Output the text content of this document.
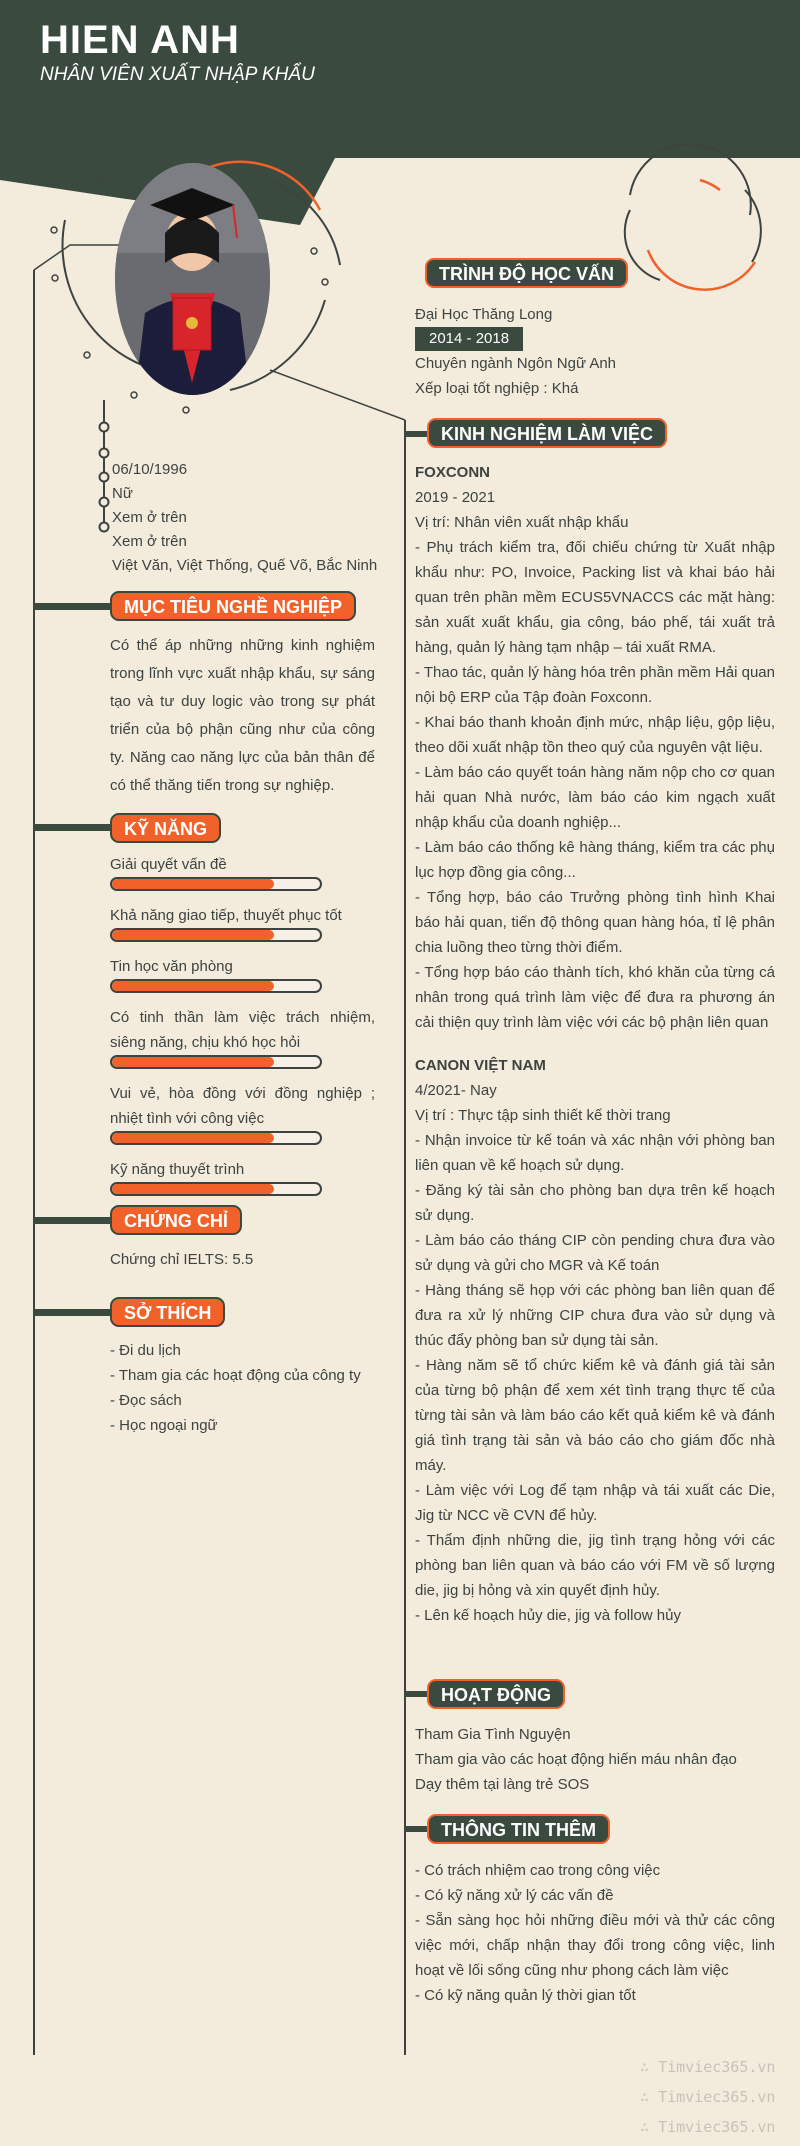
HIEN ANH
NHÂN VIÊN XUẤT NHẬP KHẨU
06/10/1996
Nữ
Xem ở trên
Xem ở trên
Việt Văn, Việt Thống, Quế Võ, Bắc Ninh
MỤC TIÊU NGHỀ NGHIỆP
Có thể áp những những kinh nghiệm trong lĩnh vực xuất nhập khẩu, sự sáng tạo và tư duy logic vào trong sự phát triển của bộ phận cũng như của công ty. Năng cao năng lực của bản thân để có thể thăng tiến trong sự nghiệp.
KỸ NĂNG
Giải quyết vấn đề
Khả năng giao tiếp, thuyết phục tốt
Tin học văn phòng
Có tinh thần làm việc trách nhiệm, siêng năng, chịu khó học hỏi
Vui vẻ, hòa đồng với đồng nghiệp ; nhiệt tình với công việc
Kỹ năng thuyết trình
CHỨNG CHỈ
Chứng chỉ IELTS: 5.5
SỞ THÍCH
- Đi du lịch
- Tham gia các hoạt động của công ty
- Đọc sách
- Học ngoại ngữ
TRÌNH ĐỘ HỌC VẤN
Đại Học Thăng Long
2014 - 2018
Chuyên ngành Ngôn Ngữ Anh
Xếp loại tốt nghiệp : Khá
KINH NGHIỆM LÀM VIỆC
FOXCONN
2019 - 2021
Vị trí: Nhân viên xuất nhập khẩu
- Phụ trách kiểm tra, đối chiếu chứng từ Xuất nhập khẩu như: PO, Invoice, Packing list và khai báo hải quan trên phần mềm ECUS5VNACCS các mặt hàng: sản xuất xuất khẩu, gia công, báo phế, tái xuất trả hàng, quản lý hàng tạm nhập – tái xuất RMA.
- Thao tác, quản lý hàng hóa trên phần mềm Hải quan nội bộ ERP của Tập đoàn Foxconn.
- Khai báo thanh khoản định mức, nhập liệu, gộp liệu, theo dõi xuất nhập tồn theo quý của nguyên vật liệu.
- Làm báo cáo quyết toán hàng năm nộp cho cơ quan hải quan Nhà nước, làm báo cáo kim ngạch xuất nhập khẩu của doanh nghiệp...
- Làm báo cáo thống kê hàng tháng, kiểm tra các phụ lục hợp đồng gia công...
- Tổng hợp, báo cáo Trưởng phòng tình hình Khai báo hải quan, tiến độ thông quan hàng hóa, tỉ lệ phân chia luồng theo từng thời điểm.
- Tổng hợp báo cáo thành tích, khó khăn của từng cá nhân trong quá trình làm việc để đưa ra phương án cải thiện quy trình làm việc với các bộ phận liên quan
CANON VIỆT NAM
4/2021- Nay
Vị trí : Thực tập sinh thiết kế thời trang
- Nhận invoice từ kế toán và xác nhận với phòng ban liên quan về kế hoạch sử dụng.
- Đăng ký tài sản cho phòng ban dựa trên kế hoạch sử dụng.
- Làm báo cáo tháng CIP còn pending chưa đưa vào sử dụng và gửi cho MGR và Kế toán
- Hàng tháng sẽ họp với các phòng ban liên quan để đưa ra xử lý những CIP chưa đưa vào sử dụng và thúc đẩy phòng ban sử dụng tài sản.
- Hàng năm sẽ tổ chức kiểm kê và đánh giá tài sản của từng bộ phận để xem xét tình trạng thực tế của từng tài sản và làm báo cáo kết quả kiểm kê và đánh giá tình trạng tài sản và báo cáo cho giám đốc nhà máy.
- Làm việc với Log để tạm nhập và tái xuất các Die, Jig từ NCC về CVN để hủy.
- Thẩm định những die, jig tình trạng hỏng với các phòng ban liên quan và báo cáo với FM về số lượng die, jig bị hỏng và xin quyết định hủy.
- Lên kế hoạch hủy die, jig và follow hủy
HOẠT ĐỘNG
Tham Gia Tình Nguyện
Tham gia vào các hoạt động hiến máu nhân đạo
Dạy thêm tại làng trẻ SOS
THÔNG TIN THÊM
- Có trách nhiệm cao trong công việc
- Có kỹ năng xử lý các vấn đề
- Sẵn sàng học hỏi những điều mới và thử các công việc mới, chấp nhận thay đổi trong công việc, linh hoạt về lối sống cũng như phong cách làm việc
- Có kỹ năng quản lý thời gian tốt
∴ Timviec365.vn
∴ Timviec365.vn
∴ Timviec365.vn
